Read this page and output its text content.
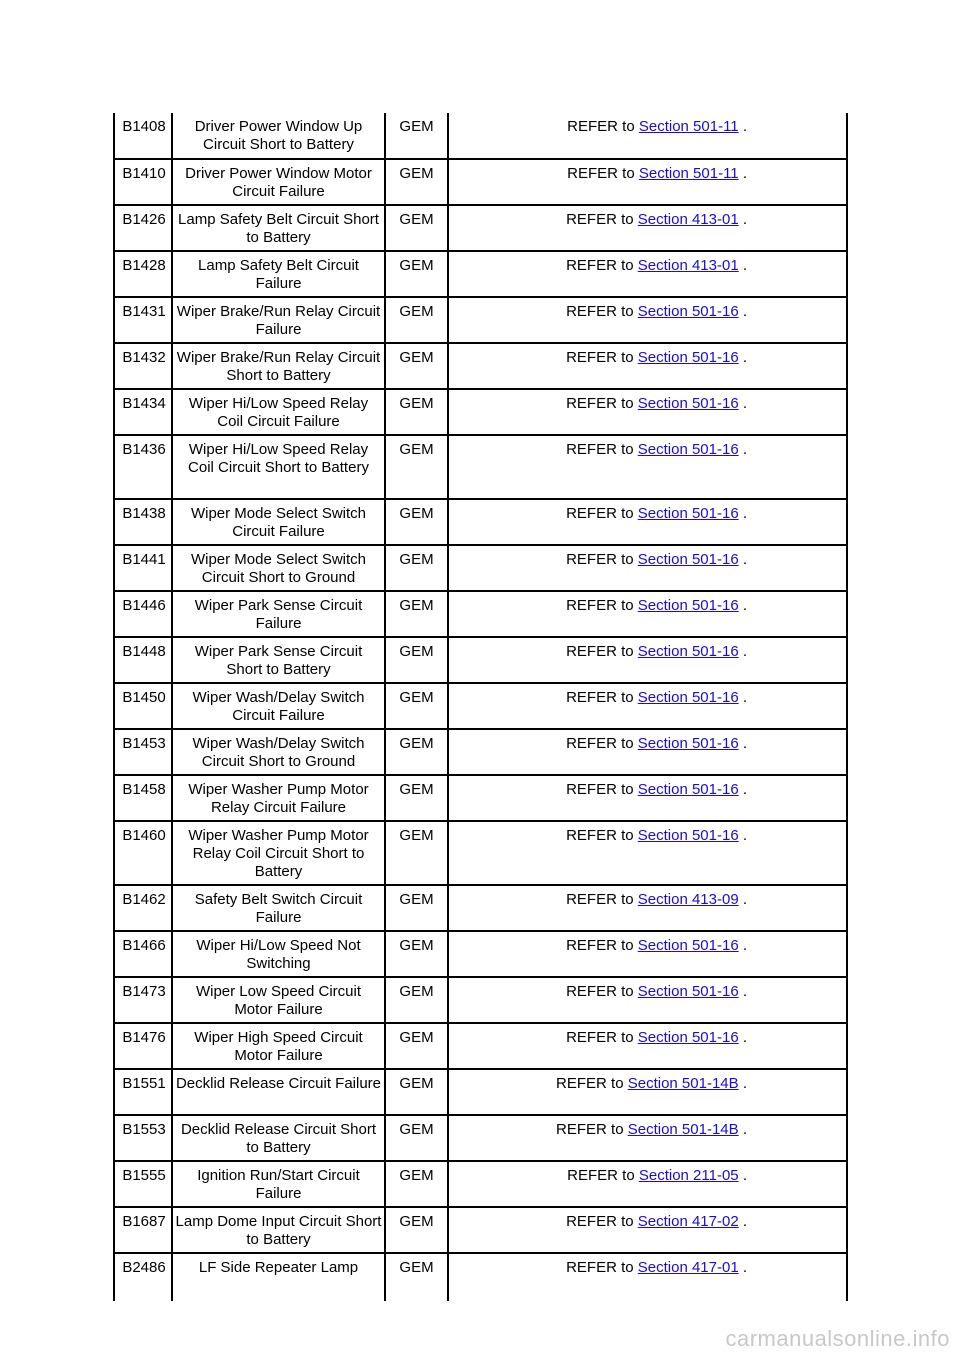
B1408	Driver Power Window Up Circuit Short to Battery	GEM	REFER to Section 501-11 .
B1410	Driver Power Window Motor Circuit Failure	GEM	REFER to Section 501-11 .
B1426	Lamp Safety Belt Circuit Short to Battery	GEM	REFER to Section 413-01 .
B1428	Lamp Safety Belt Circuit Failure	GEM	REFER to Section 413-01 .
B1431	Wiper Brake/Run Relay Circuit Failure	GEM	REFER to Section 501-16 .
B1432	Wiper Brake/Run Relay Circuit Short to Battery	GEM	REFER to Section 501-16 .
B1434	Wiper Hi/Low Speed Relay Coil Circuit Failure	GEM	REFER to Section 501-16 .
B1436	Wiper Hi/Low Speed Relay Coil Circuit Short to Battery	GEM	REFER to Section 501-16 .
B1438	Wiper Mode Select Switch Circuit Failure	GEM	REFER to Section 501-16 .
B1441	Wiper Mode Select Switch Circuit Short to Ground	GEM	REFER to Section 501-16 .
B1446	Wiper Park Sense Circuit Failure	GEM	REFER to Section 501-16 .
B1448	Wiper Park Sense Circuit Short to Battery	GEM	REFER to Section 501-16 .
B1450	Wiper Wash/Delay Switch Circuit Failure	GEM	REFER to Section 501-16 .
B1453	Wiper Wash/Delay Switch Circuit Short to Ground	GEM	REFER to Section 501-16 .
B1458	Wiper Washer Pump Motor Relay Circuit Failure	GEM	REFER to Section 501-16 .
B1460	Wiper Washer Pump Motor Relay Coil Circuit Short to Battery	GEM	REFER to Section 501-16 .
B1462	Safety Belt Switch Circuit Failure	GEM	REFER to Section 413-09 .
B1466	Wiper Hi/Low Speed Not Switching	GEM	REFER to Section 501-16 .
B1473	Wiper Low Speed Circuit Motor Failure	GEM	REFER to Section 501-16 .
B1476	Wiper High Speed Circuit Motor Failure	GEM	REFER to Section 501-16 .
B1551	Decklid Release Circuit Failure	GEM	REFER to Section 501-14B .
B1553	Decklid Release Circuit Short to Battery	GEM	REFER to Section 501-14B .
B1555	Ignition Run/Start Circuit Failure	GEM	REFER to Section 211-05 .
B1687	Lamp Dome Input Circuit Short to Battery	GEM	REFER to Section 417-02 .
B2486	LF Side Repeater Lamp	GEM	REFER to Section 417-01 .
carmanualsonline.info
